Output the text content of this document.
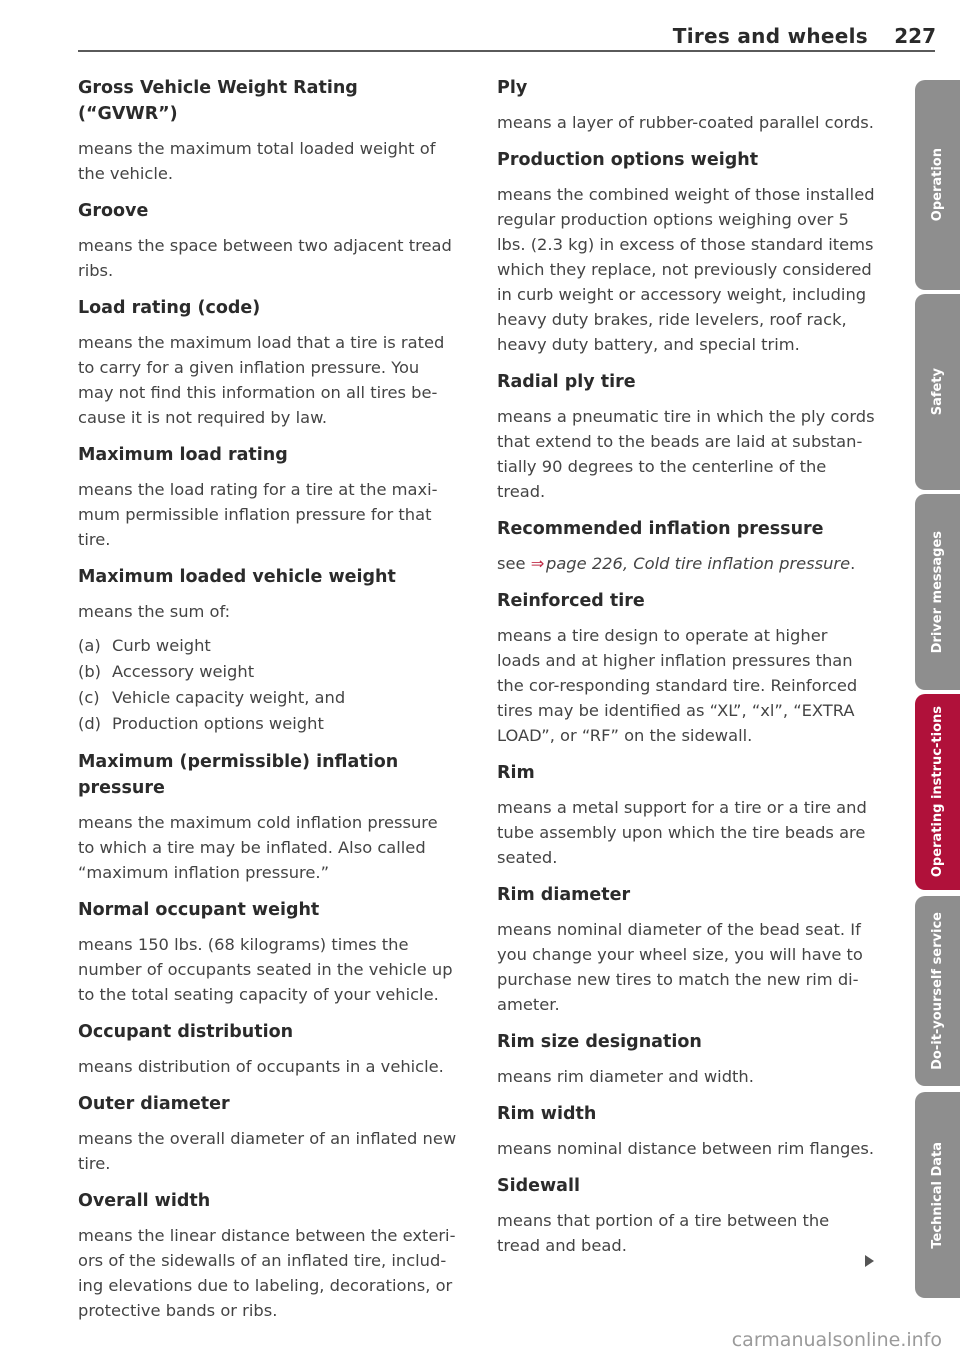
Tires and wheels 227

Gross Vehicle Weight Rating (“GVWR”)

means the maximum total loaded weight of the vehicle.

Groove

means the space between two adjacent tread ribs.

Load rating (code)

means the maximum load that a tire is rated to carry for a given inflation pressure. You may not find this information on all tires be-cause it is not required by law.

Maximum load rating

means the load rating for a tire at the maxi-mum permissible inflation pressure for that tire.

Maximum loaded vehicle weight

means the sum of:

(a) Curb weight
(b) Accessory weight
(c) Vehicle capacity weight, and
(d) Production options weight

Maximum (permissible) inflation pressure

means the maximum cold inflation pressure to which a tire may be inflated. Also called “maximum inflation pressure.”

Normal occupant weight

means 150 lbs. (68 kilograms) times the number of occupants seated in the vehicle up to the total seating capacity of your vehicle.

Occupant distribution

means distribution of occupants in a vehicle.

Outer diameter

means the overall diameter of an inflated new tire.

Overall width

means the linear distance between the exteri-ors of the sidewalls of an inflated tire, includ-ing elevations due to labeling, decorations, or protective bands or ribs.

Ply

means a layer of rubber-coated parallel cords.

Production options weight

means the combined weight of those installed regular production options weighing over 5 lbs. (2.3 kg) in excess of those standard items which they replace, not previously considered in curb weight or accessory weight, including heavy duty brakes, ride levelers, roof rack, heavy duty battery, and special trim.

Radial ply tire

means a pneumatic tire in which the ply cords that extend to the beads are laid at substan-tially 90 degrees to the centerline of the tread.

Recommended inflation pressure

see ⇒ page 226, Cold tire inflation pressure.

Reinforced tire

means a tire design to operate at higher loads and at higher inflation pressures than the cor-responding standard tire. Reinforced tires may be identified as “XL”, “xl”, “EXTRA LOAD”, or “RF” on the sidewall.

Rim

means a metal support for a tire or a tire and tube assembly upon which the tire beads are seated.

Rim diameter

means nominal diameter of the bead seat. If you change your wheel size, you will have to purchase new tires to match the new rim di-ameter.

Rim size designation

means rim diameter and width.

Rim width

means nominal distance between rim flanges.

Sidewall

means that portion of a tire between the tread and bead.

Operation
Safety
Driver messages
Operating instruc-tions
Do-it-yourself service
Technical Data
carmanualsonline.info
